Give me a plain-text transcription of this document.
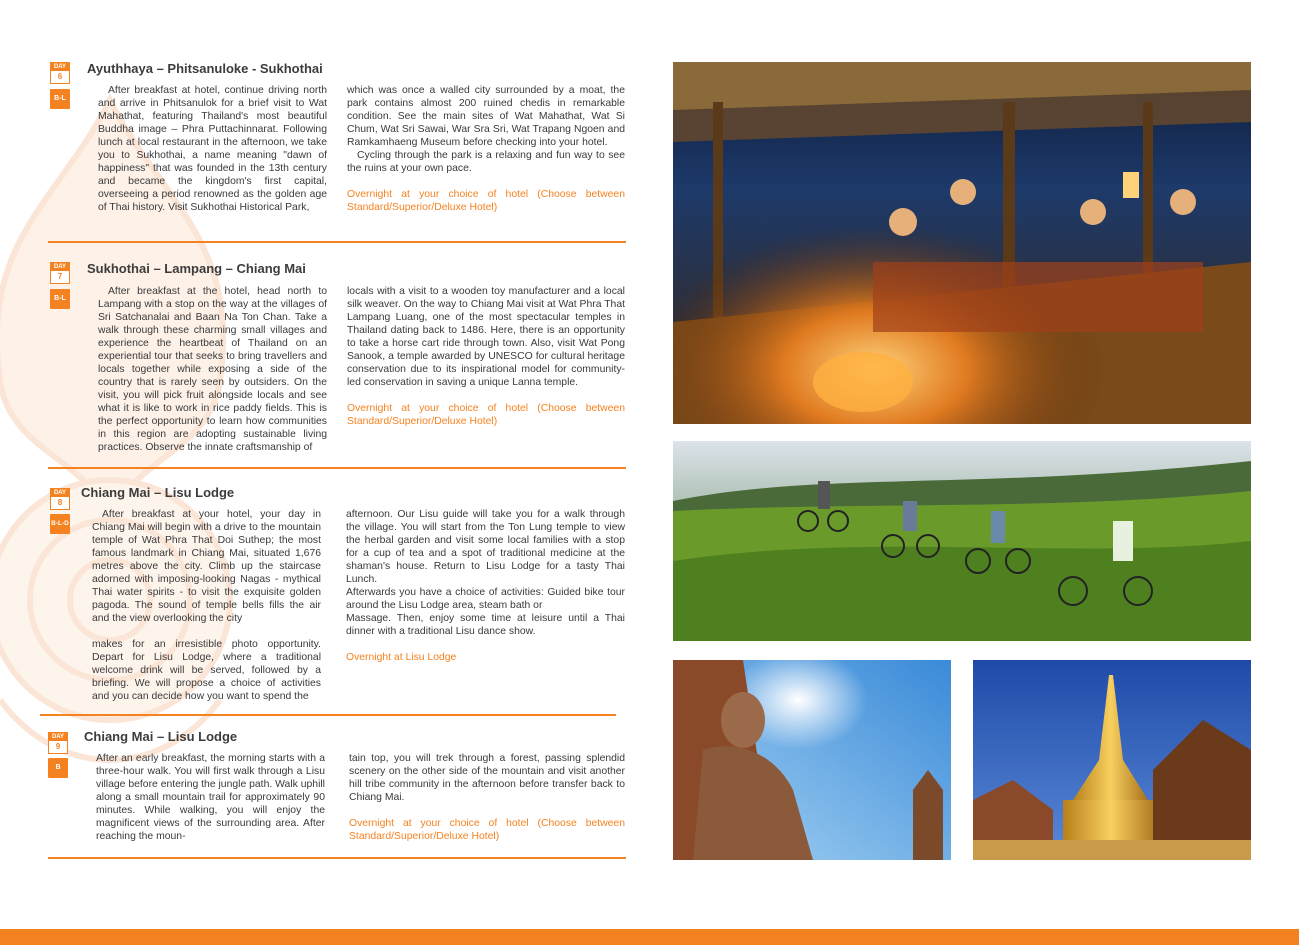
DAY
6
B-L
Ayuthhaya – Phitsanuloke - Sukhothai

After breakfast at hotel, continue driving north and arrive in Phitsanulok for a brief visit to Wat Mahathat, featuring Thailand's most beautiful Buddha image – Phra Puttachinnarat. Following lunch at local restaurant in the afternoon, we take you to Sukhothai, a name meaning "dawn of happiness" that was founded in the 13th century and became the kingdom's first capital, overseeing a period renowned as the golden age of Thai history. Visit Sukhothai Historical Park,

which was once a walled city surrounded by a moat, the park contains almost 200 ruined chedis in remarkable condition. See the main sites of Wat Mahathat, Wat Si Chum, Wat Sri Sawai, War Sra Sri, Wat Trapang Ngoen and Ramkamhaeng Museum before checking into your hotel.

Cycling through the park is a relaxing and fun way to see the ruins at your own pace.

Overnight at your choice of hotel (Choose between Standard/Superior/Deluxe Hotel)

DAY
7
B-L
Sukhothai – Lampang – Chiang Mai

After breakfast at the hotel, head north to Lampang with a stop on the way at the villages of Sri Satchanalai and Baan Na Ton Chan. Take a walk through these charming small villages and experience the heartbeat of Thailand on an experiential tour that seeks to bring travellers and locals together while exposing a side of the country that is rarely seen by outsiders. On the visit, you will pick fruit alongside locals and see what it is like to work in rice paddy fields. This is the perfect opportunity to learn how communities in this region are adopting sustainable living practices. Observe the innate craftsmanship of

locals with a visit to a wooden toy manufacturer and a local silk weaver. On the way to Chiang Mai visit at Wat Phra That Lampang Luang, one of the most spectacular temples in Thailand dating back to 1486. Here, there is an opportunity to take a horse cart ride through town. Also, visit Wat Pong Sanook, a temple awarded by UNESCO for cultural heritage conservation due to its inspirational model for community-led conservation in saving a unique Lanna temple.

Overnight at your choice of hotel (Choose between Standard/Superior/Deluxe Hotel)

DAY
8
B-L-D
Chiang Mai – Lisu Lodge

After breakfast at your hotel, your day in Chiang Mai will begin with a drive to the mountain temple of Wat Phra That Doi Suthep; the most famous landmark in Chiang Mai, situated 1,676 metres above the city. Climb up the staircase adorned with imposing-looking Nagas - mythical Thai water spirits - to visit the exquisite golden pagoda. The sound of temple bells fills the air and the view overlooking the city

makes for an irresistible photo opportunity. Depart for Lisu Lodge, where a traditional welcome drink will be served, followed by a briefing. We will propose a choice of activities and you can decide how you want to spend the

afternoon. Our Lisu guide will take you for a walk through the village. You will start from the Ton Lung temple to view the herbal garden and visit some local families with a stop for a cup of tea and a spot of traditional medicine at the shaman's house. Return to Lisu Lodge for a tasty Thai Lunch.

Afterwards you have a choice of activities: Guided bike tour around the Lisu Lodge area, steam bath or

Massage. Then, enjoy some time at leisure until a Thai dinner with a traditional Lisu dance show.

Overnight at Lisu Lodge

DAY
9
B
Chiang Mai – Lisu Lodge

After an early breakfast, the morning starts with a three-hour walk. You will first walk through a Lisu village before entering the jungle path. Walk uphill along a small mountain trail for approximately 90 minutes. While walking, you will enjoy the magnificent views of the surrounding area. After reaching the moun-

tain top, you will trek through a forest, passing splendid scenery on the other side of the mountain and visit another hill tribe community in the afternoon before transfer back to Chiang Mai.

Overnight at your choice of hotel (Choose between Standard/Superior/Deluxe Hotel)
